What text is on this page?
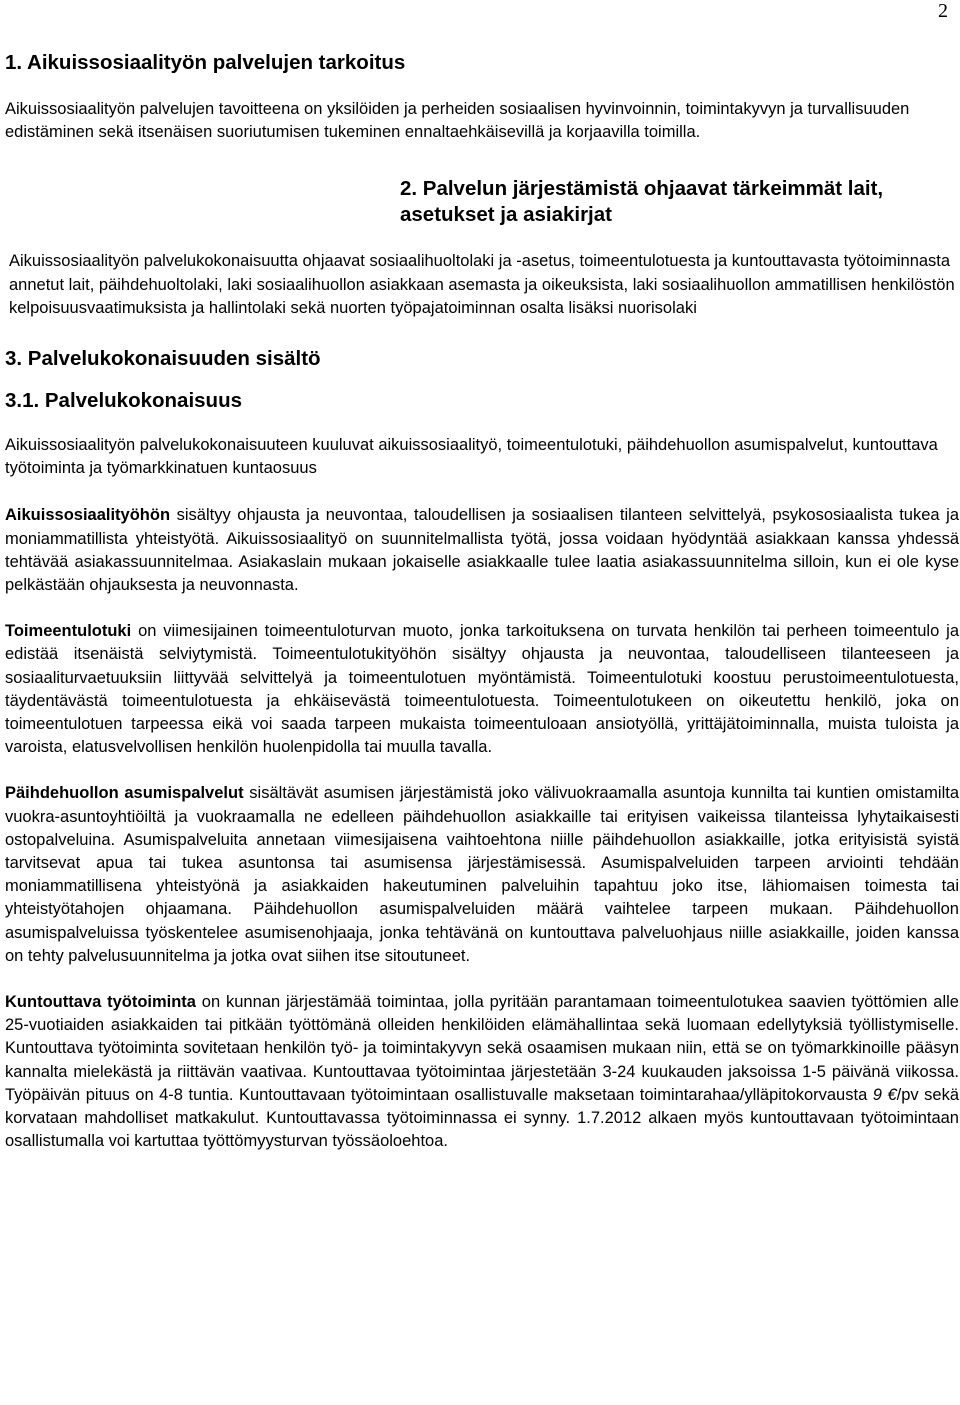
2
1. Aikuissosiaalityön palvelujen tarkoitus

Aikuissosiaalityön palvelujen tavoitteena on yksilöiden ja perheiden sosiaalisen hyvinvoinnin, toimintakyvyn ja turvallisuuden edistäminen sekä itsenäisen suoriutumisen tukeminen ennaltaehkäisevillä ja korjaavilla toimilla.

2. Palvelun järjestämistä ohjaavat tärkeimmät lait, asetukset ja asiakirjat

Aikuissosiaalityön palvelukokonaisuutta ohjaavat sosiaalihuoltolaki ja -asetus, toimeentulotuesta ja kuntouttavasta työtoiminnasta annetut lait, päihdehuoltolaki, laki sosiaalihuollon asiakkaan asemasta ja oikeuksista, laki sosiaalihuollon ammatillisen henkilöstön kelpoisuusvaatimuksista ja hallintolaki sekä nuorten työpajatoiminnan osalta lisäksi nuorisolaki

3. Palvelukokonaisuuden sisältö
3.1. Palvelukokonaisuus

Aikuissosiaalityön palvelukokonaisuuteen kuuluvat aikuissosiaalityö, toimeentulotuki, päihdehuollon asumispalvelut, kuntouttava työtoiminta ja työmarkkinatuen kuntaosuus

Aikuissosiaalityöhön sisältyy ohjausta ja neuvontaa, taloudellisen ja sosiaalisen tilanteen selvittelyä, psykososiaalista tukea ja moniammatillista yhteistyötä. Aikuissosiaalityö on suunnitelmallista työtä, jossa voidaan hyödyntää asiakkaan kanssa yhdessä tehtävää asiakassuunnitelmaa. Asiakaslain mukaan jokaiselle asiakkaalle tulee laatia asiakassuunnitelma silloin, kun ei ole kyse pelkästään ohjauksesta ja neuvonnasta.

Toimeentulotuki on viimesijainen toimeentuloturvan muoto, jonka tarkoituksena on turvata henkilön tai perheen toimeentulo ja edistää itsenäistä selviytymistä. Toimeentulotukityöhön sisältyy ohjausta ja neuvontaa, taloudelliseen tilanteeseen ja sosiaaliturvaetuuksiin liittyvää selvittelyä ja toimeentulotuen myöntämistä. Toimeentulotuki koostuu perustoimeentulotuesta, täydentävästä toimeentulotuesta ja ehkäisevästä toimeentulotuesta. Toimeentulotukeen on oikeutettu henkilö, joka on toimeentulotuen tarpeessa eikä voi saada tarpeen mukaista toimeentuloaan ansiotyöllä, yrittäjätoiminnalla, muista tuloista ja varoista, elatusvelvollisen henkilön huolenpidolla tai muulla tavalla.

Päihdehuollon asumispalvelut sisältävät asumisen järjestämistä joko välivuokraamalla asuntoja kunnilta tai kuntien omistamilta vuokra-asuntoyhtiöiltä ja vuokraamalla ne edelleen päihdehuollon asiakkaille tai erityisen vaikeissa tilanteissa lyhytaikaisesti ostopalveluina. Asumispalveluita annetaan viimesijaisena vaihtoehtona niille päihdehuollon asiakkaille, jotka erityisistä syistä tarvitsevat apua tai tukea asuntonsa tai asumisensa järjestämisessä. Asumispalveluiden tarpeen arviointi tehdään moniammatillisena yhteistyönä ja asiakkaiden hakeutuminen palveluihin tapahtuu joko itse, lähiomaisen toimesta tai yhteistyötahojen ohjaamana. Päihdehuollon asumispalveluiden määrä vaihtelee tarpeen mukaan. Päihdehuollon asumispalveluissa työskentelee asumisenohjaaja, jonka tehtävänä on kuntouttava palveluohjaus niille asiakkaille, joiden kanssa on tehty palvelusuunnitelma ja jotka ovat siihen itse sitoutuneet.

Kuntouttava työtoiminta on kunnan järjestämää toimintaa, jolla pyritään parantamaan toimeentulotukea saavien työttömien alle 25-vuotiaiden asiakkaiden tai pitkään työttömänä olleiden henkilöiden elämähallintaa sekä luomaan edellytyksiä työllistymiselle. Kuntouttava työtoiminta sovitetaan henkilön työ- ja toimintakyvyn sekä osaamisen mukaan niin, että se on työmarkkinoille pääsyn kannalta mielekästä ja riittävän vaativaa. Kuntouttavaa työtoimintaa järjestetään 3-24 kuukauden jaksoissa 1-5 päivänä viikossa. Työpäivän pituus on 4-8 tuntia. Kuntouttavaan työtoimintaan osallistuvalle maksetaan toimintarahaa/ylläpitokorvausta 9 €/pv sekä korvataan mahdolliset matkakulut. Kuntouttavassa työtoiminnassa ei synny. 1.7.2012 alkaen myös kuntouttavaan työtoimintaan osallistumalla voi kartuttaa työttömyysturvan työssäoloehtoa.
